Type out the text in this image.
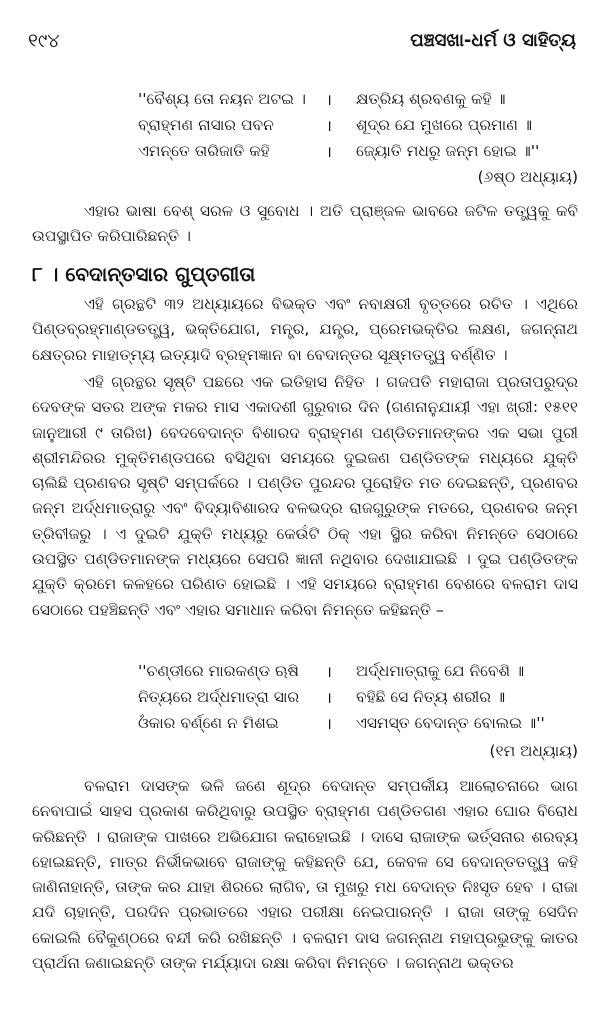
୧୯୪	ପଞ୍ଚସଖା-ଧର୍ମ ଓ ସାହିତ୍ୟ
''ବୈଶ୍ୟ ତୋ ନୟନ ଅଟଇ ।	।	କ୍ଷତ୍ରିୟ ଶ୍ରବଣକୁ କହି ॥
ବ୍ରାହ୍ମଣ ନାସାର ପବନ	।	ଶୂଦ୍ର ଯେ ମୁଖରେ ପ୍ରମାଣ ॥
ଏମନ୍ତେ ତାରିଜାତି କହି	।	ଜ୍ୟୋତି ମଧରୁ ଜନ୍ମ ହୋଇ ॥''
(୬ଷ୍ଠ ଅଧ୍ୟାୟ)
ଏହାର ଭାଷା ବେଶ୍ ସରଳ ଓ ସୁବୋଧ । ଅତି ପ୍ରାଞ୍ଜଳ ଭାବରେ ଜଟିଳ ତତ୍ତ୍ୱକୁ କବି ଉପସ୍ଥାପିତ କରିପାରିଛନ୍ତି ।
୮ । ବେଦାନ୍ତସାର ଗୁପ୍ତଗୀତା
ଏହି ଗ୍ରନ୍ଥଟି ୩୨ ଅଧ୍ୟାୟରେ ବିଭକ୍ତ ଏବଂ ନବାକ୍ଷରୀ ବୃତ୍ତରେ ରଚିତ । ଏଥିରେ ପିଣ୍ଡବ୍ରହ୍ମାଣ୍ଡତତ୍ତ୍ୱ, ଭକ୍ତିଯୋଗ, ମନ୍ତ୍ର, ଯନ୍ତ୍ର, ପ୍ରେମଭକ୍ତିର ଲକ୍ଷଣ, ଜଗନ୍ନାଥ କ୍ଷେତ୍ରର ମାହାତ୍ମ୍ୟ ଇତ୍ୟାଦି ବ୍ରହ୍ମଜ୍ଞାନ ବା ବେଦାନ୍ତର ସୂକ୍ଷ୍ମତତ୍ତ୍ୱ ବର୍ଣ୍ଣିତ ।
ଏହି ଗ୍ରନ୍ଥର ସୃଷ୍ଟି ପଛରେ ଏକ ଇତିହାସ ନିହିତ । ଗଜପତି ମହାରାଜା ପ୍ରତାପରୁଦ୍ର ଦେବଙ୍କ ସତର ଅଙ୍କ ମକର ମାସ ଏକାଦଶୀ ଗୁରୁବାର ଦିନ (ଗଣନାନୁଯାୟୀ ଏହା ଖ୍ରୀ: ୧୫୧୧ ଜାନୁଆରୀ ୯ ତାରିଖ) ବେଦବେଦାନ୍ତ ବିଶାରଦ ବ୍ରାହ୍ମଣ ପଣ୍ଡିତମାନଙ୍କର ଏକ ସଭା ପୁରୀ ଶ୍ରୀମନ୍ଦିରର ମୁକ୍ତିମଣ୍ଡପରେ ବସିଥିବା ସମୟରେ ଦୁଇଜଣ ପଣ୍ଡିତଙ୍କ ମଧ୍ୟରେ ଯୁକ୍ତି ଚାଲିଛି ପ୍ରଣବର ସୃଷ୍ଟି ସମ୍ପର୍କରେ । ପଣ୍ଡିତ ପୁରନ୍ଦର ପୁରୋହିତ ମତ ଦେଇଛନ୍ତି, ପ୍ରଣବର ଜନ୍ମ ଅର୍ଦ୍ଧମାତ୍ରାରୁ ଏବଂ ବିଦ୍ୟାବିଶାରଦ ବଳଭଦ୍ର ରାଜଗୁରୁଙ୍କ ମତରେ, ପ୍ରଣବର ଜନ୍ମ ତ୍ରିବୀଜରୁ । ଏ ଦୁଇଟି ଯୁକ୍ତି ମଧ୍ୟରୁ କେଉଁଟି ଠିକ୍ ଏହା ସ୍ଥିର କରିବା ନିମନ୍ତେ ସେଠାରେ ଉପସ୍ଥିତ ପଣ୍ଡିତମାନଙ୍କ ମଧ୍ୟରେ ସେପରି ଜ୍ଞାନୀ ନଥିବାର ଦେଖାଯାଇଛି । ଦୁଇ ପଣ୍ଡିତଙ୍କ ଯୁକ୍ତି କ୍ରମେ କଳହରେ ପରିଣତ ହୋଇଛି । ଏହି ସମୟରେ ବ୍ରାହ୍ମଣ ବେଶରେ ବଳରାମ ଦାସ ସେଠାରେ ପହଞ୍ଚିଛନ୍ତି ଏବଂ ଏହାର ସମାଧାନ କରିବା ନିମନ୍ତେ କହିଛନ୍ତି –
''ଚଣ୍ଡୀରେ ମାରକଣ୍ଡ ଋଷି	।	ଅର୍ଦ୍ଧମାତ୍ରାକୁ ଯେ ନିବେଶି ॥
ନିତ୍ୟରେ ଅର୍ଦ୍ଧମାତ୍ରା ସାର	।	ବହିଛି ସେ ନିତ୍ୟ ଶରୀର ॥
ଓଁକାର ବର୍ଣ୍ଣେ ନ ମିଶଇ	।	ଏସମସ୍ତ ବେଦାନ୍ତ ବୋଲଇ ॥''
(୧ମ ଅଧ୍ୟାୟ)
ବଳରାମ ଦାସଙ୍କ ଭଳି ଜଣେ ଶୂଦ୍ର ବେଦାନ୍ତ ସମ୍ପର୍କୀୟ ଆଲୋଚନାରେ ଭାଗ ନେବାପାଇଁ ସାହସ ପ୍ରକାଶ କରିଥିବାରୁ ଉପସ୍ଥିତ ବ୍ରାହ୍ମଣ ପଣ୍ଡିତଗଣ ଏହାର ଘୋର ବିରୋଧ କରିଛନ୍ତି । ରାଜାଙ୍କ ପାଖରେ ଅଭିଯୋଗ କରାହୋଇଛି । ଦାସେ ରାଜାଙ୍କ ଭର୍ତ୍ସନାର ଶରବ୍ୟ ହୋଇଛନ୍ତି, ମାତ୍ର ନିର୍ଭୀକଭାବେ ରାଜାଙ୍କୁ କହିଛନ୍ତି ଯେ, କେବଳ ସେ ବେଦାନ୍ତତତ୍ତ୍ୱ କହି ଜାଣିନାହାନ୍ତି, ତାଙ୍କ କର ଯାହା ଶିରରେ ଲାଗିବ, ତା ମୁଖରୁ ମଧ ବେଦାନ୍ତ ନିଃସୃତ ହେବ । ରାଜା ଯଦି ଚାହାନ୍ତି, ପରଦିନ ପ୍ରଭାତରେ ଏହାର ପରୀକ୍ଷା ନେଇପାରନ୍ତି । ରାଜା ତାଙ୍କୁ ସେଦିନ କୋଇଲି ବୈକୁଣ୍ଠରେ ବନ୍ଦୀ କରି ରଖିଛନ୍ତି । ବଳରାମ ଦାସ ଜଗନ୍ନାଥ ମହାପ୍ରଭୁଙ୍କୁ କାତର ପ୍ରାର୍ଥନା ଜଣାଇଛନ୍ତି ତାଙ୍କ ମର୍ଯ୍ୟାଦା ରକ୍ଷା କରିବା ନିମନ୍ତେ । ଜଗନ୍ନାଥ ଭକ୍ତର
